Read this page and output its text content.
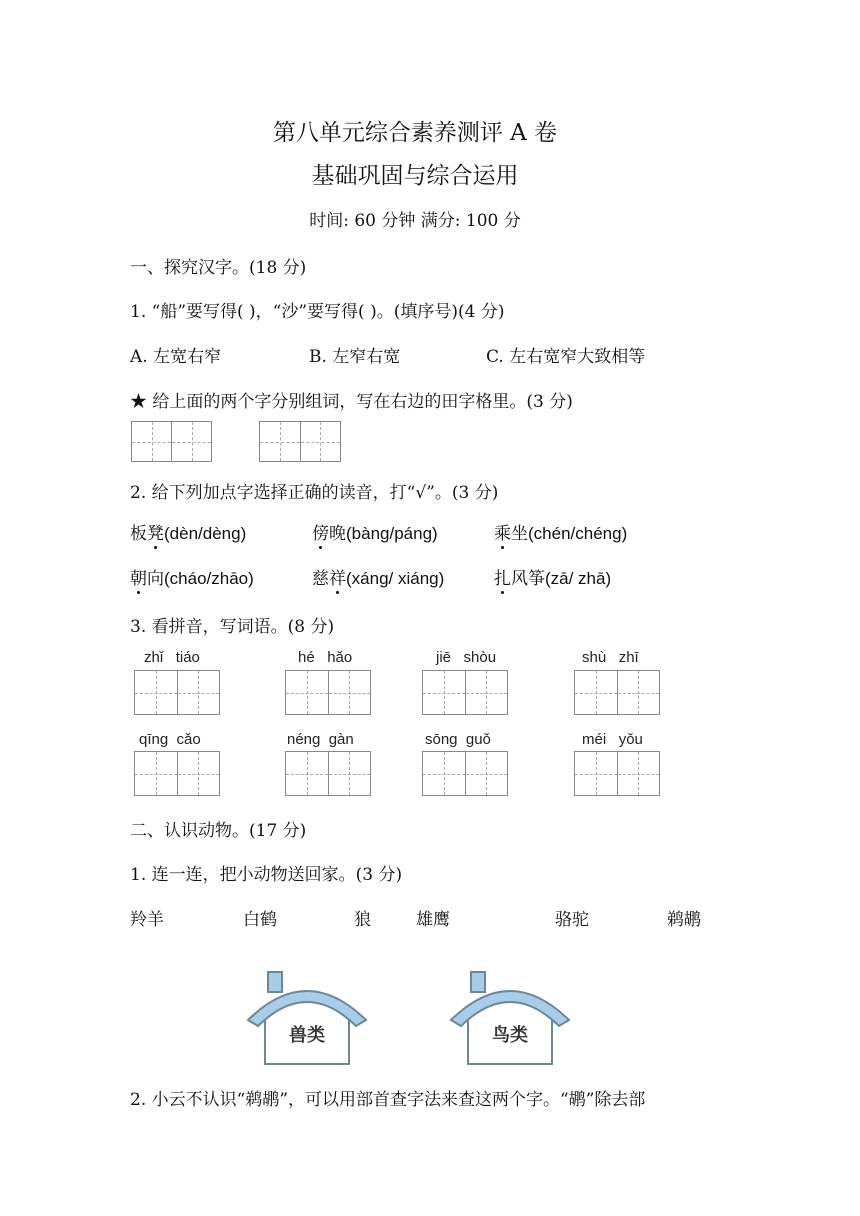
第八单元综合素养测评 A 卷
基础巩固与综合运用
时间: 60 分钟 满分: 100 分
一、探究汉字。(18 分)
1. “船”要写得( )，“沙”要写得( )。(填序号)(4 分)
A. 左宽右窄	B. 左窄右宽	C. 左右宽窄大致相等
★ 给上面的两个字分别组词，写在右边的田字格里。(3 分)
2. 给下列加点字选择正确的读音，打“√”。(3 分)
板凳(dèn/dèng)	傍晚(bàng/páng)	乘坐(chén/chéng)
朝向(cháo/zhāo)	慈祥(xáng/ xiáng)	扎风筝(zā/ zhā)
3. 看拼音，写词语。(8 分)
zhǐ tiáo	hé hǎo	jiē shòu	shù zhī
qīng cǎo	néng gàn	sōng guǒ	méi yǒu
二、认识动物。(17 分)
1. 连一连，把小动物送回家。(3 分)
羚羊	白鹤	狼	雄鹰	骆驼	鹈鹕
兽类	鸟类
2. 小云不认识“鹈鹕”，可以用部首查字法来查这两个字。“鹕”除去部
